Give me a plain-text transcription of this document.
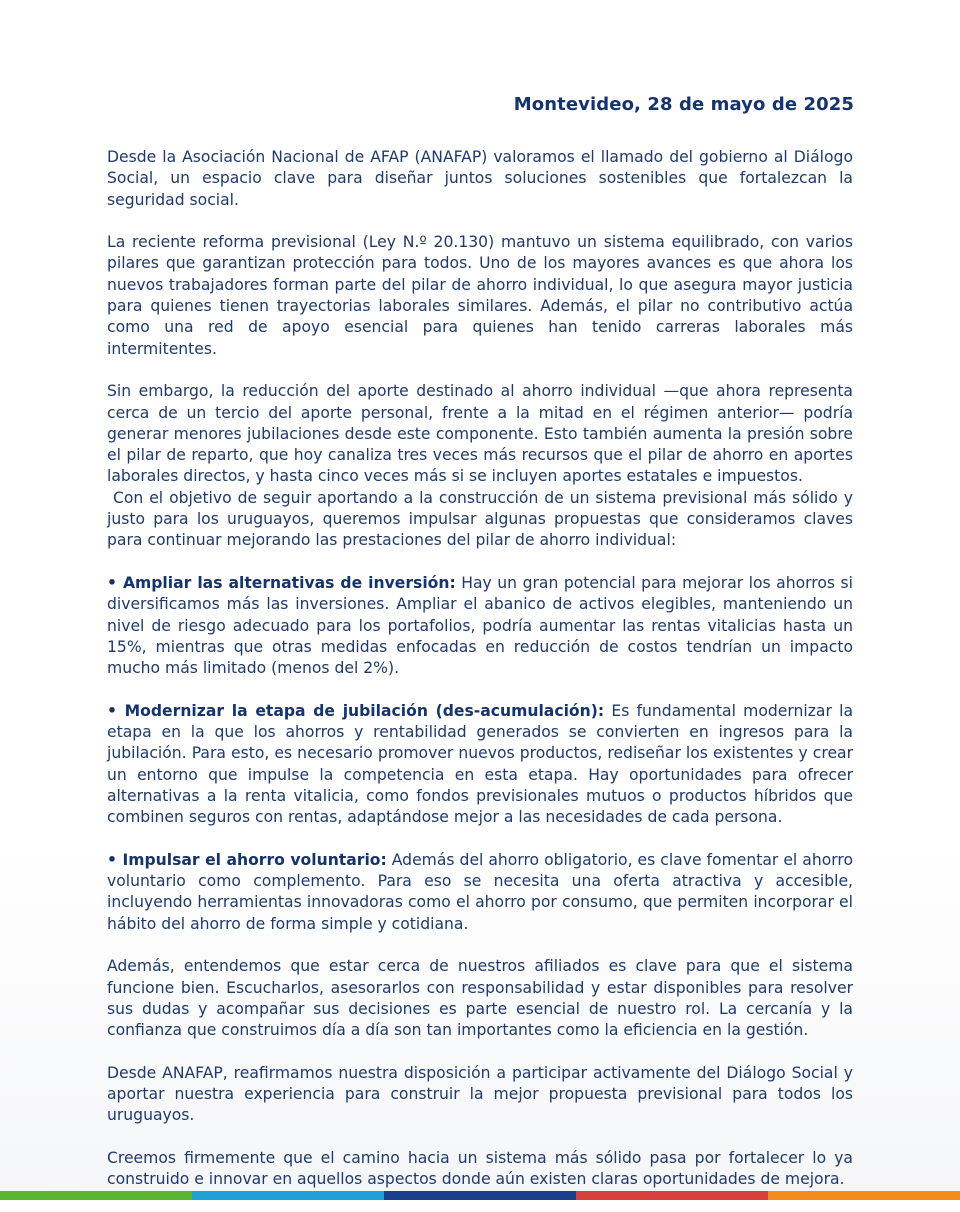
Montevideo, 28 de mayo de 2025

Desde la Asociación Nacional de AFAP (ANAFAP) valoramos el llamado del gobierno al Diálogo Social, un espacio clave para diseñar juntos soluciones sostenibles que fortalezcan la seguridad social.

La reciente reforma previsional (Ley N.º 20.130) mantuvo un sistema equilibrado, con varios pilares que garantizan protección para todos. Uno de los mayores avances es que ahora los nuevos trabajadores forman parte del pilar de ahorro individual, lo que asegura mayor justicia para quienes tienen trayectorias laborales similares. Además, el pilar no contributivo actúa como una red de apoyo esencial para quienes han tenido carreras laborales más intermitentes.

Sin embargo, la reducción del aporte destinado al ahorro individual —que ahora representa cerca de un tercio del aporte personal, frente a la mitad en el régimen anterior— podría generar menores jubilaciones desde este componente. Esto también aumenta la presión sobre el pilar de reparto, que hoy canaliza tres veces más recursos que el pilar de ahorro en aportes laborales directos, y hasta cinco veces más si se incluyen aportes estatales e impuestos.

Con el objetivo de seguir aportando a la construcción de un sistema previsional más sólido y justo para los uruguayos, queremos impulsar algunas propuestas que consideramos claves para continuar mejorando las prestaciones del pilar de ahorro individual:

• Ampliar las alternativas de inversión: Hay un gran potencial para mejorar los ahorros si diversificamos más las inversiones. Ampliar el abanico de activos elegibles, manteniendo un nivel de riesgo adecuado para los portafolios, podría aumentar las rentas vitalicias hasta un 15%, mientras que otras medidas enfocadas en reducción de costos tendrían un impacto mucho más limitado (menos del 2%).

• Modernizar la etapa de jubilación (des-acumulación): Es fundamental modernizar la etapa en la que los ahorros y rentabilidad generados se convierten en ingresos para la jubilación. Para esto, es necesario promover nuevos productos, rediseñar los existentes y crear un entorno que impulse la competencia en esta etapa. Hay oportunidades para ofrecer alternativas a la renta vitalicia, como fondos previsionales mutuos o productos híbridos que combinen seguros con rentas, adaptándose mejor a las necesidades de cada persona.

• Impulsar el ahorro voluntario: Además del ahorro obligatorio, es clave fomentar el ahorro voluntario como complemento. Para eso se necesita una oferta atractiva y accesible, incluyendo herramientas innovadoras como el ahorro por consumo, que permiten incorporar el hábito del ahorro de forma simple y cotidiana.

Además, entendemos que estar cerca de nuestros afiliados es clave para que el sistema funcione bien. Escucharlos, asesorarlos con responsabilidad y estar disponibles para resolver sus dudas y acompañar sus decisiones es parte esencial de nuestro rol. La cercanía y la confianza que construimos día a día son tan importantes como la eficiencia en la gestión.

Desde ANAFAP, reafirmamos nuestra disposición a participar activamente del Diálogo Social y aportar nuestra experiencia para construir la mejor propuesta previsional para todos los uruguayos.

Creemos firmemente que el camino hacia un sistema más sólido pasa por fortalecer lo ya construido e innovar en aquellos aspectos donde aún existen claras oportunidades de mejora.
